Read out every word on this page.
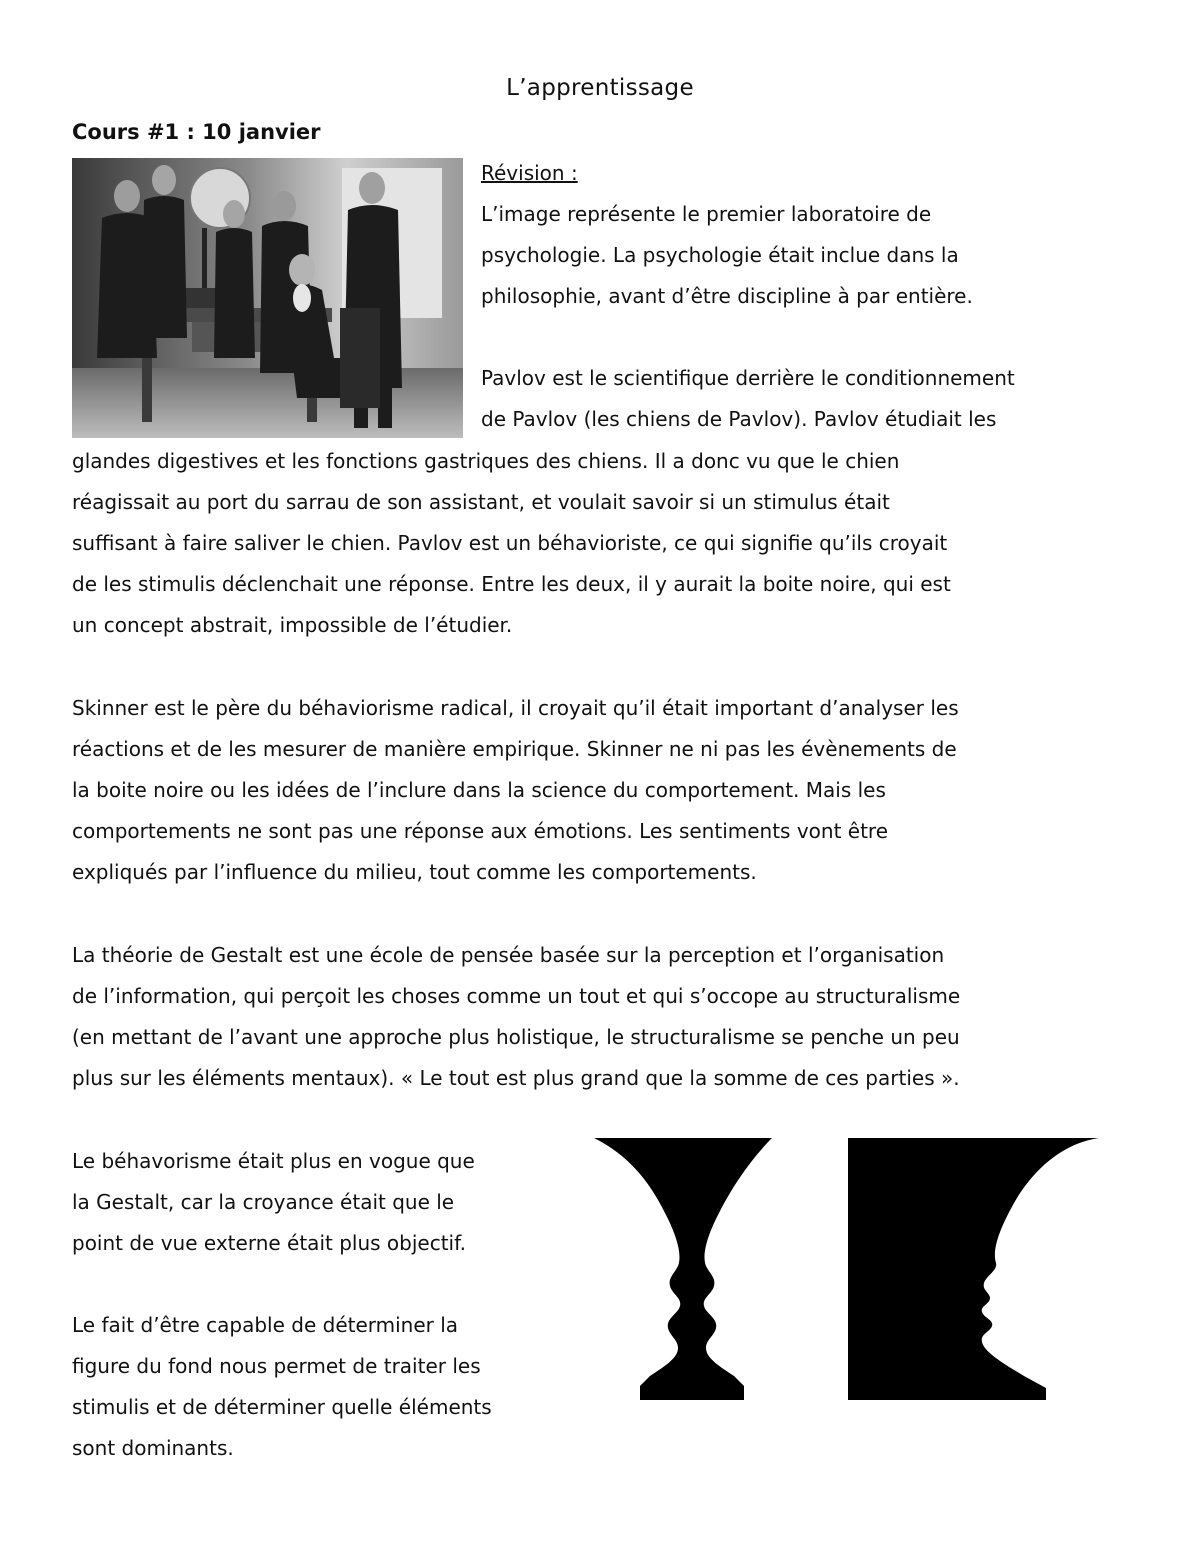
L’apprentissage
Cours #1 : 10 janvier

Révision :

L’image représente le premier laboratoire de

psychologie. La psychologie était inclue dans la

philosophie, avant d’être discipline à par entière.

Pavlov est le scientifique derrière le conditionnement

de Pavlov (les chiens de Pavlov). Pavlov étudiait les

glandes digestives et les fonctions gastriques des chiens. Il a donc vu que le chien

réagissait au port du sarrau de son assistant, et voulait savoir si un stimulus était

suffisant à faire saliver le chien. Pavlov est un béhavioriste, ce qui signifie qu’ils croyait

de les stimulis déclenchait une réponse. Entre les deux, il y aurait la boite noire, qui est

un concept abstrait, impossible de l’étudier.

Skinner est le père du béhaviorisme radical, il croyait qu’il était important d’analyser les

réactions et de les mesurer de manière empirique. Skinner ne ni pas les évènements de

la boite noire ou les idées de l’inclure dans la science du comportement. Mais les

comportements ne sont pas une réponse aux émotions. Les sentiments vont être

expliqués par l’influence du milieu, tout comme les comportements.

La théorie de Gestalt est une école de pensée basée sur la perception et l’organisation

de l’information, qui perçoit les choses comme un tout et qui s’occope au structuralisme

(en mettant de l’avant une approche plus holistique, le structuralisme se penche un peu

plus sur les éléments mentaux). « Le tout est plus grand que la somme de ces parties ».

Le béhavorisme était plus en vogue que

la Gestalt, car la croyance était que le

point de vue externe était plus objectif.

Le fait d’être capable de déterminer la

figure du fond nous permet de traiter les

stimulis et de déterminer quelle éléments

sont dominants.
